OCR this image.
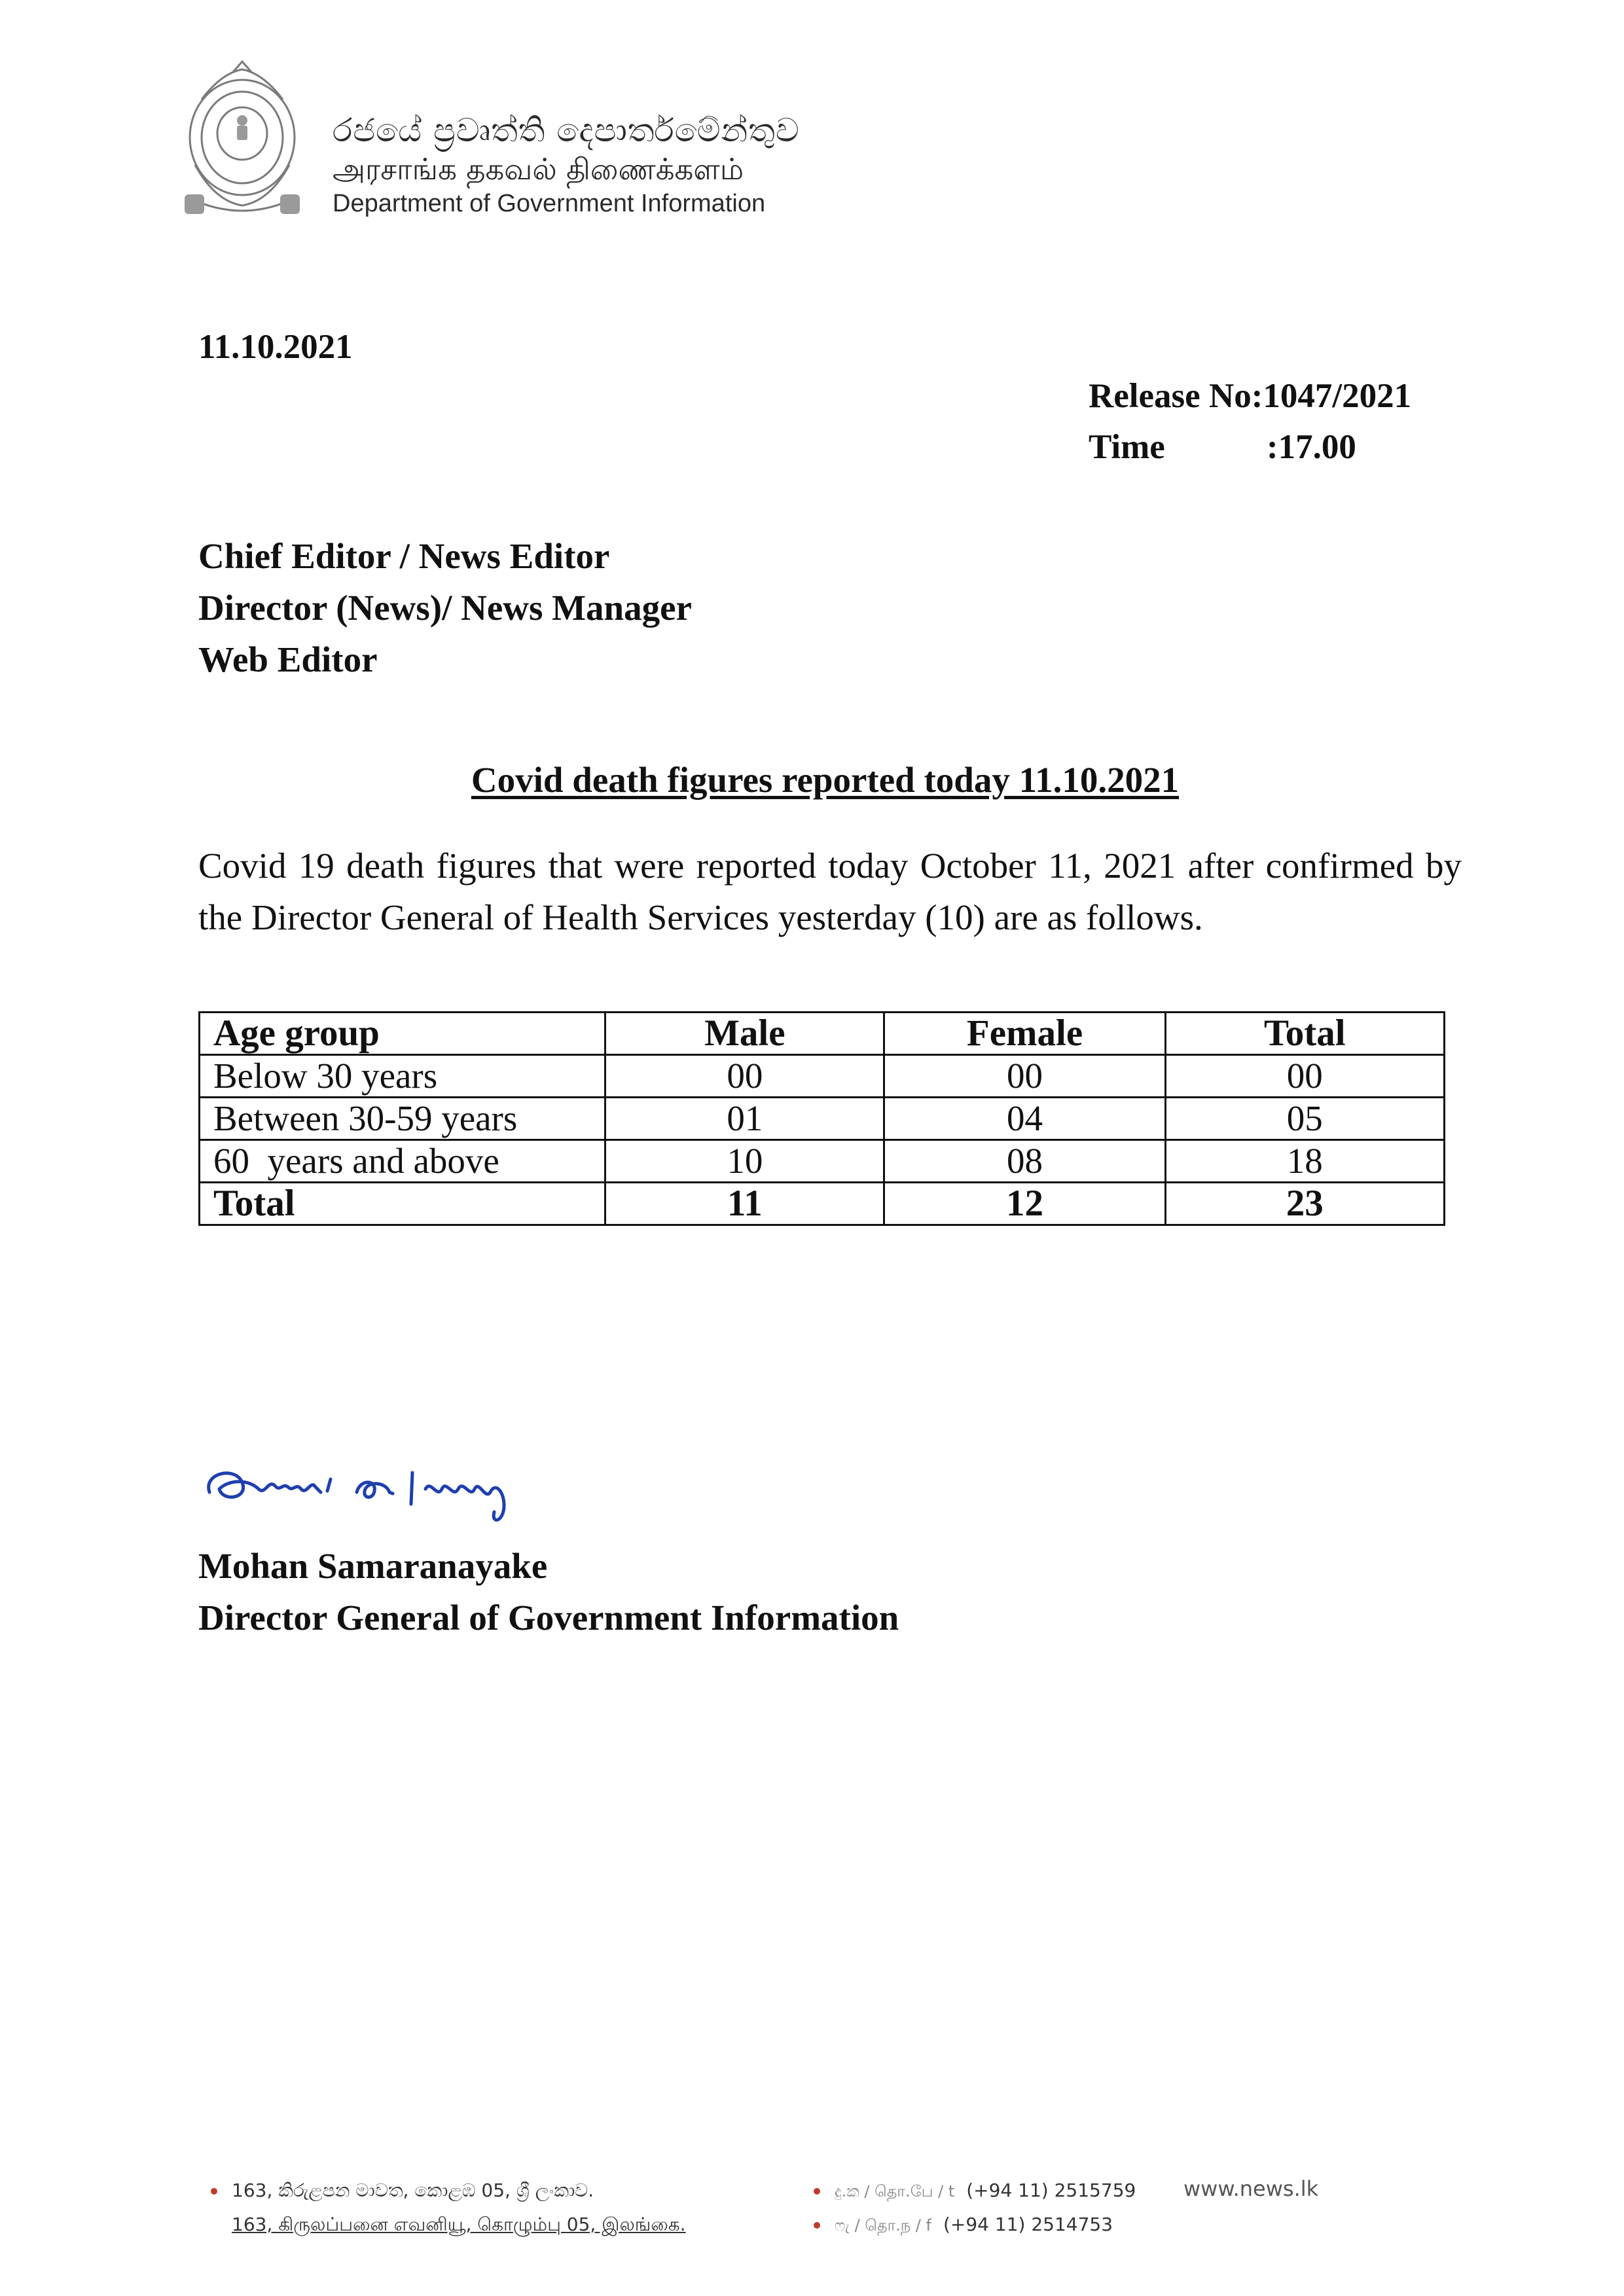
රජයේ ප්‍රවෘත්ති දෙපාර්තමේන්තුව
அரசாங்க தகவல் திணைக்களம்
Department of Government Information
11.10.2021
Release No:1047/2021
Time	:17.00
Chief Editor / News Editor
Director (News)/ News Manager
Web Editor
Covid death figures reported today 11.10.2021
Covid 19 death figures that were reported today October 11, 2021 after confirmed by the Director General of Health Services yesterday (10) are as follows.
Age group	Male	Female	Total
Below 30 years	00	00	00
Between 30-59 years	01	04	05
60  years and above	10	08	18
Total	11	12	23
Mohan Samaranayake
Director General of Government Information
163, කිරුළපන මාවත, කොළඹ 05, ශ්‍රී ලංකාව.
163, கிருலப்பனை எவனியூ, கொழும்பு 05, இலங்கை.
දු.ක / தொ.பே / t (+94 11) 2515759
ෆැ / தொ.ந / f (+94 11) 2514753
www.news.lk
